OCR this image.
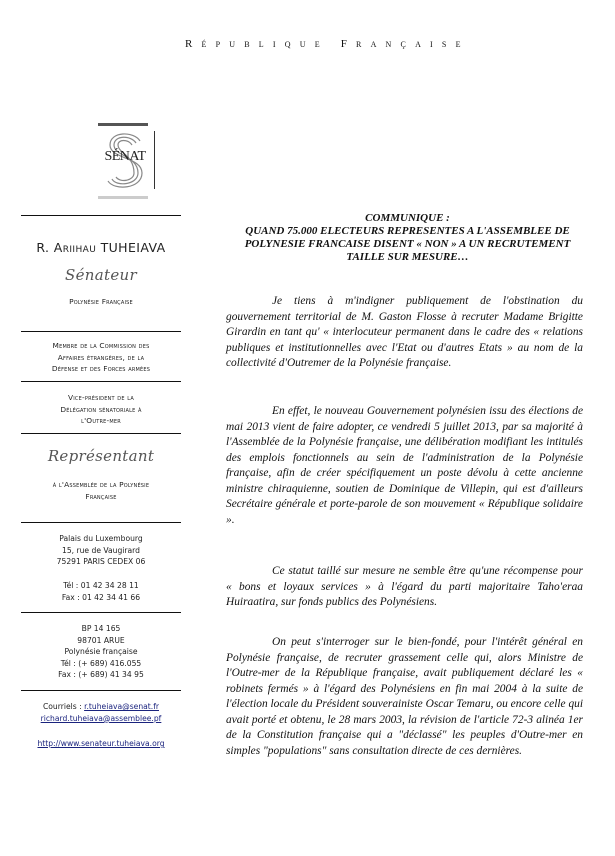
République Française
SÉNAT
R. Ariihau TUHEIAVA
Sénateur
Polynésie Française
Membre de la Commission des
Affaires étrangères, de la
Défense et des Forces armées
Vice-président de la
Délégation sénatoriale à
l'Outre-mer
Représentant
à l'Assemblée de la Polynésie
Française
Palais du Luxembourg
15, rue de Vaugirard
75291 PARIS CEDEX 06
Tél : 01 42 34 28 11
Fax : 01 42 34 41 66
BP 14 165
98701 ARUE
Polynésie française
Tél : (+ 689) 416.055
Fax : (+ 689) 41 34 95
Courriels : r.tuheiava@senat.fr
richard.tuheiava@assemblee.pf
http://www.senateur.tuheiava.org
COMMUNIQUE :
QUAND 75.000 ELECTEURS REPRESENTES A L'ASSEMBLEE DE
POLYNESIE FRANCAISE DISENT « NON » A UN RECRUTEMENT
TAILLE SUR MESURE…

Je tiens à m'indigner publiquement de l'obstination du gouvernement territorial de M. Gaston Flosse à recruter Madame Brigitte Girardin en tant qu' « interlocuteur permanent dans le cadre des « relations publiques et institutionnelles avec l'Etat ou d'autres Etats » au nom de la collectivité d'Outremer de la Polynésie française.

En effet, le nouveau Gouvernement polynésien issu des élections de mai 2013 vient de faire adopter, ce vendredi 5 juillet 2013, par sa majorité à l'Assemblée de la Polynésie française, une délibération modifiant les intitulés des emplois fonctionnels au sein de l'administration de la Polynésie française, afin de créer spécifiquement un poste dévolu à cette ancienne ministre chiraquienne, soutien de Dominique de Villepin, qui est d'ailleurs Secrétaire générale et porte-parole de son mouvement « République solidaire ».

Ce statut taillé sur mesure ne semble être qu'une récompense pour « bons et loyaux services » à l'égard du parti majoritaire Taho'eraa Huiraatira, sur fonds publics des Polynésiens.

On peut s'interroger sur le bien-fondé, pour l'intérêt général en Polynésie française, de recruter grassement celle qui, alors Ministre de l'Outre-mer de la République française, avait publiquement déclaré les « robinets fermés » à l'égard des Polynésiens en fin mai 2004 à la suite de l'élection locale du Président souverainiste Oscar Temaru, ou encore celle qui avait porté et obtenu, le 28 mars 2003, la révision de l'article 72-3 alinéa 1er de la Constitution française qui a "déclassé" les peuples d'Outre-mer en simples "populations" sans consultation directe de ces dernières.
